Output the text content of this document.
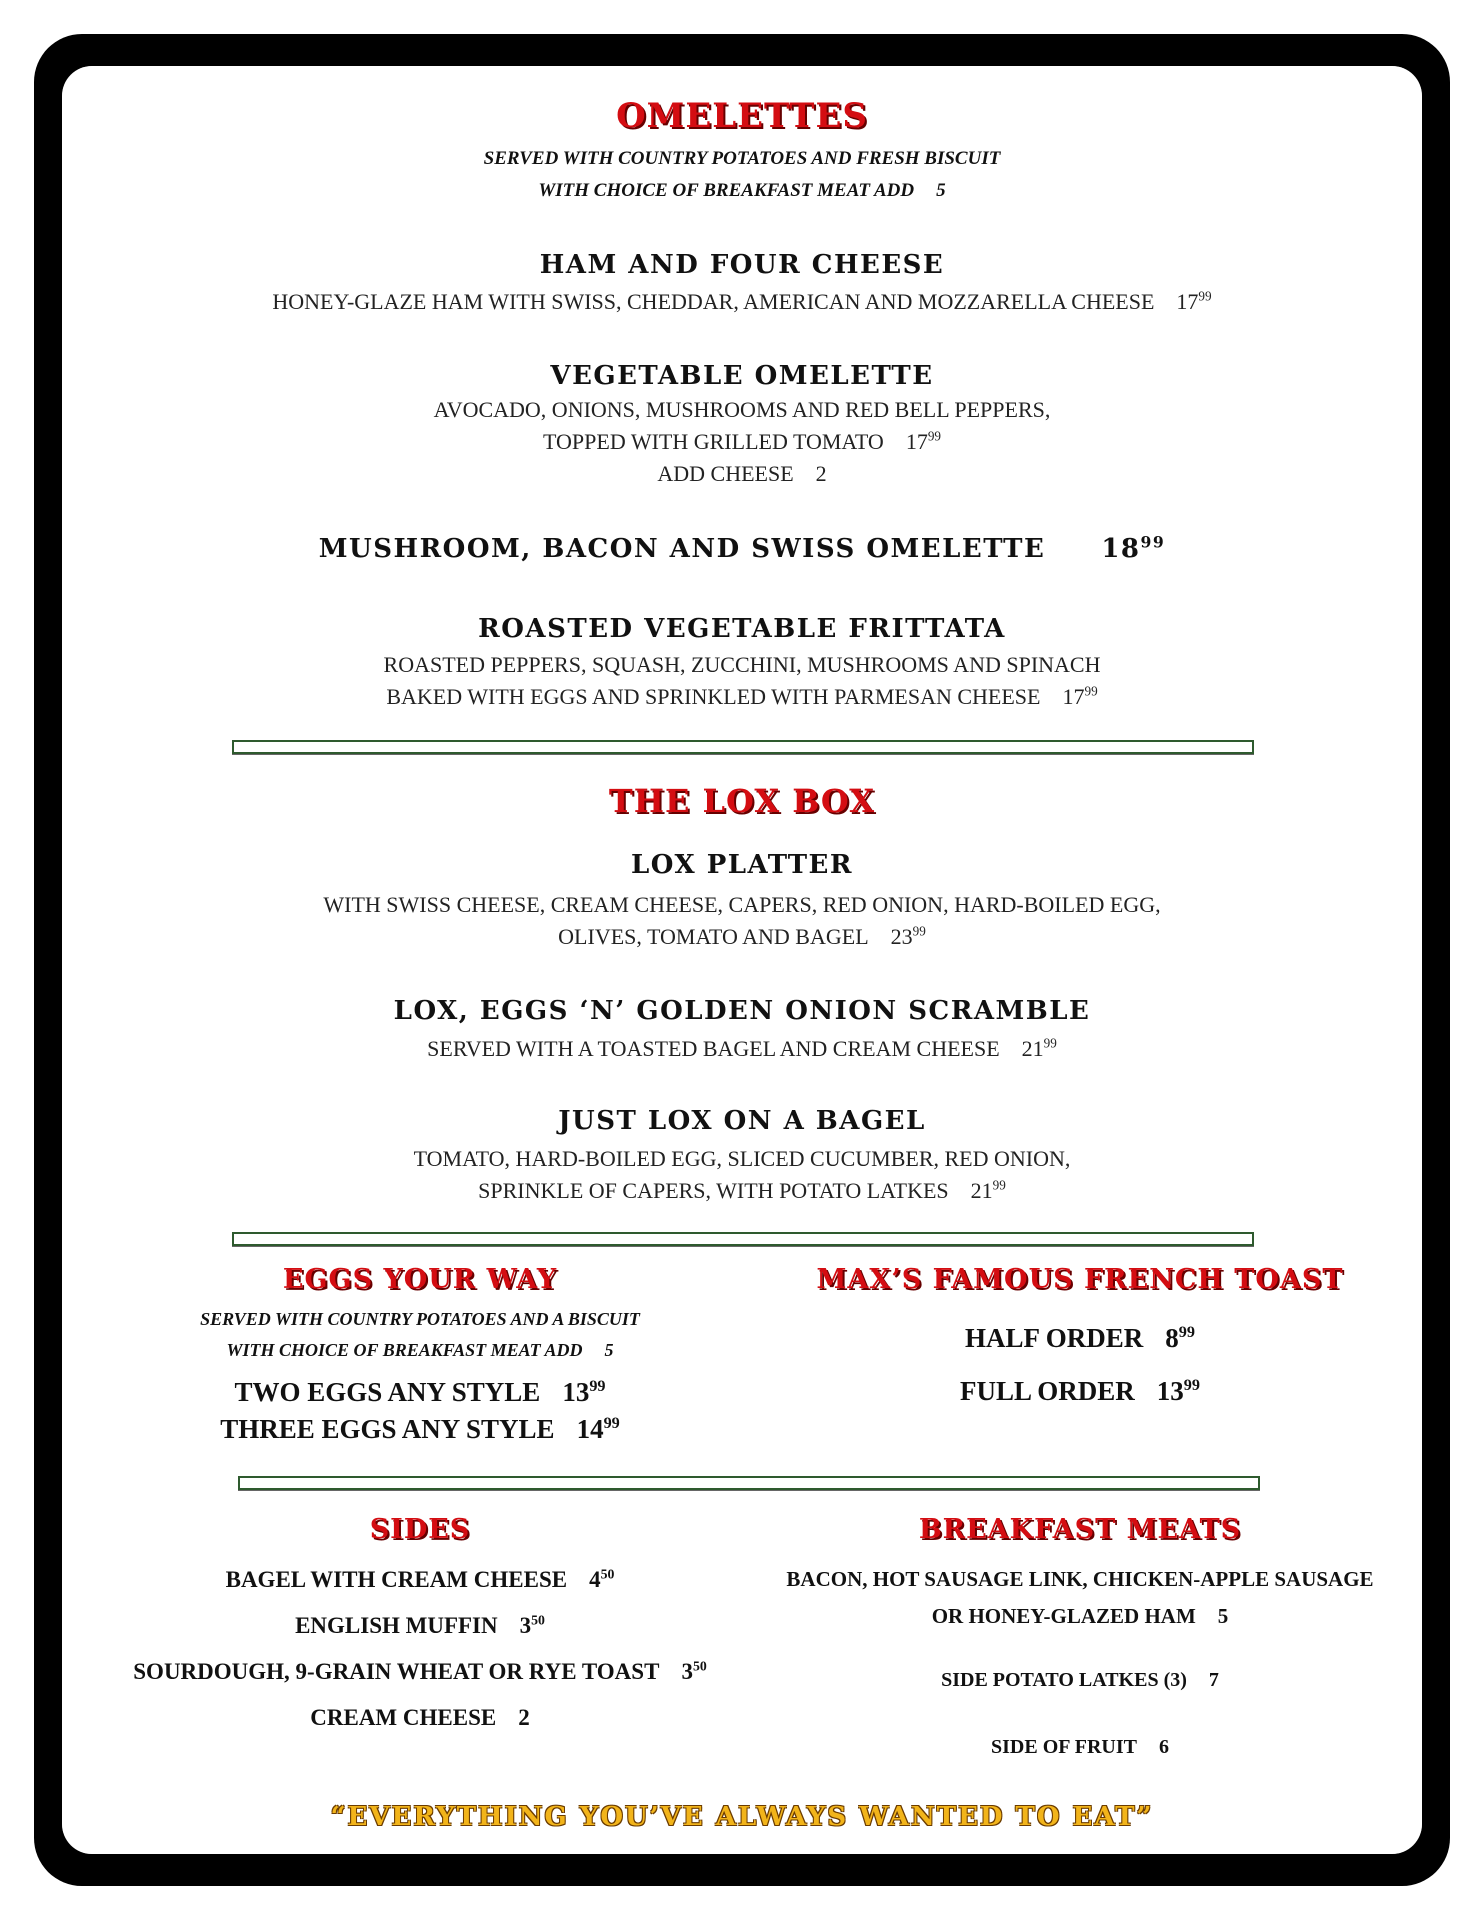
OMELETTES
SERVED WITH COUNTRY POTATOES AND FRESH BISCUIT
WITH CHOICE OF BREAKFAST MEAT ADD 5
HAM AND FOUR CHEESE
HONEY-GLAZE HAM WITH SWISS, CHEDDAR, AMERICAN AND MOZZARELLA CHEESE $17^{99}$
VEGETABLE OMELETTE
AVOCADO, ONIONS, MUSHROOMS AND RED BELL PEPPERS,
TOPPED WITH GRILLED TOMATO $17^{99}$
ADD CHEESE 2
MUSHROOM, BACON AND SWISS OMELETTE $18^{99}$
ROASTED VEGETABLE FRITTATA
ROASTED PEPPERS, SQUASH, ZUCCHINI, MUSHROOMS AND SPINACH
BAKED WITH EGGS AND SPRINKLED WITH PARMESAN CHEESE $17^{99}$
THE LOX BOX
LOX PLATTER
WITH SWISS CHEESE, CREAM CHEESE, CAPERS, RED ONION, HARD-BOILED EGG,
OLIVES, TOMATO AND BAGEL $23^{99}$
LOX, EGGS ‘N’ GOLDEN ONION SCRAMBLE
SERVED WITH A TOASTED BAGEL AND CREAM CHEESE $21^{99}$
JUST LOX ON A BAGEL
TOMATO, HARD-BOILED EGG, SLICED CUCUMBER, RED ONION,
SPRINKLE OF CAPERS, WITH POTATO LATKES $21^{99}$
EGGS YOUR WAY
SERVED WITH COUNTRY POTATOES AND A BISCUIT
WITH CHOICE OF BREAKFAST MEAT ADD 5
TWO EGGS ANY STYLE $13^{99}$
THREE EGGS ANY STYLE $14^{99}$
MAX’S FAMOUS FRENCH TOAST
HALF ORDER $8^{99}$
FULL ORDER $13^{99}$
SIDES
BAGEL WITH CREAM CHEESE $4^{50}$
ENGLISH MUFFIN $3^{50}$
SOURDOUGH, 9-GRAIN WHEAT OR RYE TOAST $3^{50}$
CREAM CHEESE 2
BREAKFAST MEATS
BACON, HOT SAUSAGE LINK, CHICKEN-APPLE SAUSAGE
OR HONEY-GLAZED HAM 5
SIDE POTATO LATKES (3) 7
SIDE OF FRUIT 6
“EVERYTHING YOU’VE ALWAYS WANTED TO EAT”
